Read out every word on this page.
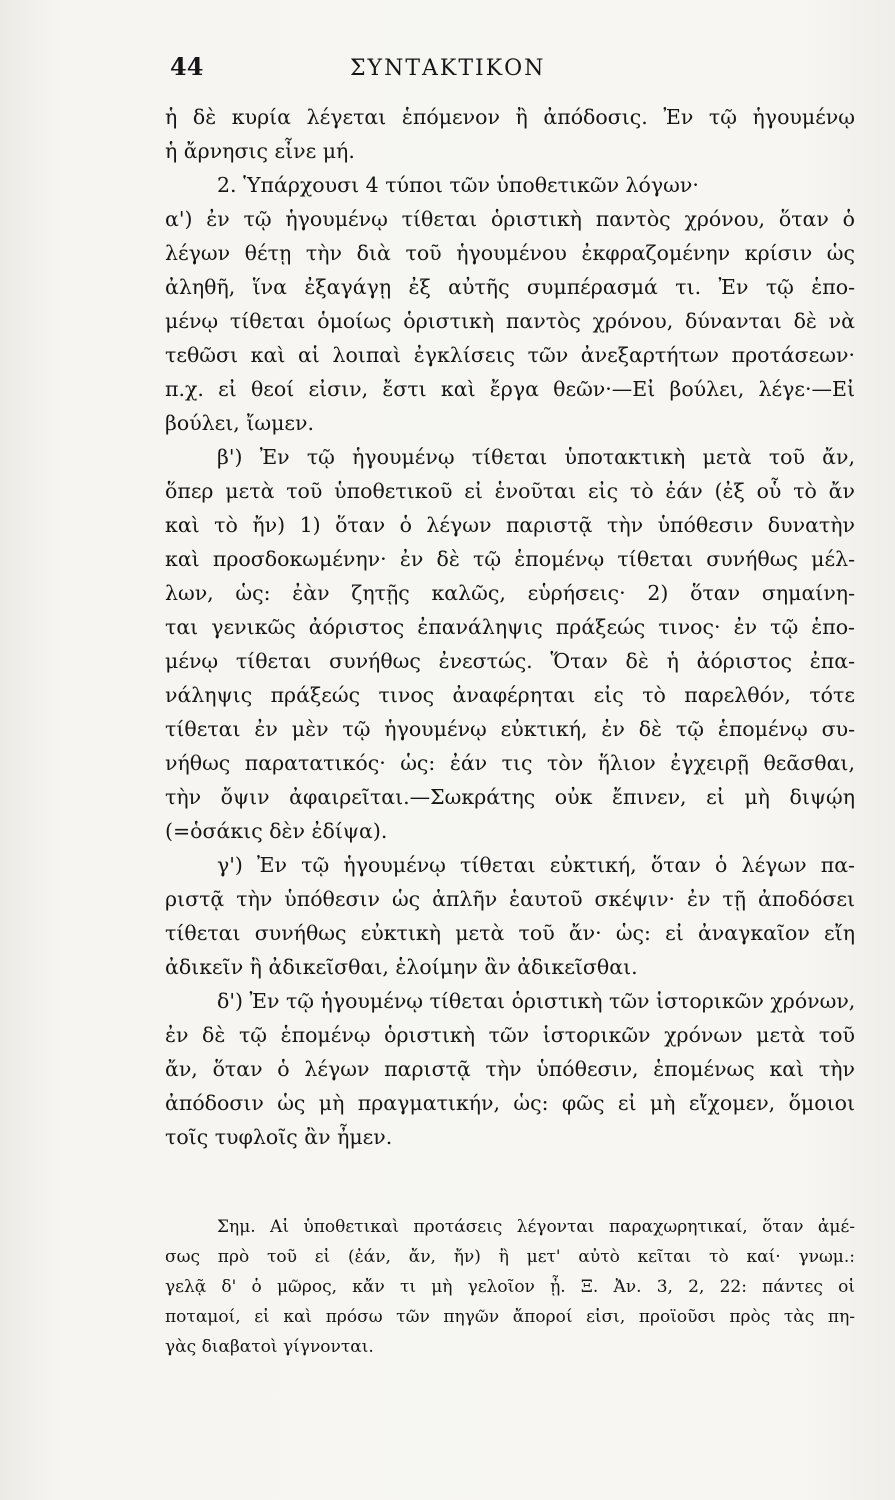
44	ΣΥΝΤΑΚΤΙΚΟΝ
ἡ δὲ κυρία λέγεται ἑπόμενον ἢ ἀπόδοσις. Ἐν τῷ ἡγουμένῳ
ἡ ἄρνησις εἶνε μή.
2. Ὑπάρχουσι 4 τύποι τῶν ὑποθετικῶν λόγων·
α') ἐν τῷ ἡγουμένῳ τίθεται ὁριστικὴ παντὸς χρόνου, ὅταν ὁ
λέγων θέτῃ τὴν διὰ τοῦ ἡγουμένου ἐκφραζομένην κρίσιν ὡς
ἀληθῆ, ἵνα ἐξαγάγῃ ἐξ αὐτῆς συμπέρασμά τι. Ἐν τῷ ἑπο-
μένῳ τίθεται ὁμοίως ὁριστικὴ παντὸς χρόνου, δύνανται δὲ νὰ
τεθῶσι καὶ αἱ λοιπαὶ ἐγκλίσεις τῶν ἀνεξαρτήτων προτάσεων·
π.χ. εἰ θεοί εἰσιν, ἔστι καὶ ἔργα θεῶν·—Εἰ βούλει, λέγε·—Εἰ
βούλει, ἴωμεν.
β') Ἐν τῷ ἡγουμένῳ τίθεται ὑποτακτικὴ μετὰ τοῦ ἄν,
ὅπερ μετὰ τοῦ ὑποθετικοῦ εἰ ἑνοῦται εἰς τὸ ἐάν (ἐξ οὗ τὸ ἄν
καὶ τὸ ἤν) 1) ὅταν ὁ λέγων παριστᾷ τὴν ὑπόθεσιν δυνατὴν
καὶ προσδοκωμένην· ἐν δὲ τῷ ἑπομένῳ τίθεται συνήθως μέλ-
λων, ὡς: ἐὰν ζητῇς καλῶς, εὑρήσεις· 2) ὅταν σημαίνη-
ται γενικῶς ἀόριστος ἐπανάληψις πράξεώς τινος· ἐν τῷ ἑπο-
μένῳ τίθεται συνήθως ἐνεστώς. Ὅταν δὲ ἡ ἀόριστος ἐπα-
νάληψις πράξεώς τινος ἀναφέρηται εἰς τὸ παρελθόν, τότε
τίθεται ἐν μὲν τῷ ἡγουμένῳ εὐκτική, ἐν δὲ τῷ ἑπομένῳ συ-
νήθως παρατατικός· ὡς: ἐάν τις τὸν ἥλιον ἐγχειρῇ θεᾶσθαι,
τὴν ὄψιν ἀφαιρεῖται.—Σωκράτης οὐκ ἔπινεν, εἰ μὴ διψῴη
(=ὁσάκις δὲν ἐδίψα).
γ') Ἐν τῷ ἡγουμένῳ τίθεται εὐκτική, ὅταν ὁ λέγων πα-
ριστᾷ τὴν ὑπόθεσιν ὡς ἁπλῆν ἑαυτοῦ σκέψιν· ἐν τῇ ἀποδόσει
τίθεται συνήθως εὐκτικὴ μετὰ τοῦ ἄν· ὡς: εἰ ἀναγκαῖον εἴη
ἀδικεῖν ἢ ἀδικεῖσθαι, ἑλοίμην ἂν ἀδικεῖσθαι.
δ') Ἐν τῷ ἡγουμένῳ τίθεται ὁριστικὴ τῶν ἱστορικῶν χρόνων,
ἐν δὲ τῷ ἑπομένῳ ὁριστικὴ τῶν ἱστορικῶν χρόνων μετὰ τοῦ
ἄν, ὅταν ὁ λέγων παριστᾷ τὴν ὑπόθεσιν, ἑπομένως καὶ τὴν
ἀπόδοσιν ὡς μὴ πραγματικήν, ὡς: φῶς εἰ μὴ εἴχομεν, ὅμοιοι
τοῖς τυφλοῖς ἂν ἦμεν.
Σημ. Αἱ ὑποθετικαὶ προτάσεις λέγονται παραχωρητικαί, ὅταν ἀμέ-
σως πρὸ τοῦ εἰ (ἐάν, ἄν, ἤν) ἢ μετ' αὐτὸ κεῖται τὸ καί· γνωμ.:
γελᾷ δ' ὁ μῶρος, κἄν τι μὴ γελοῖον ᾖ. Ξ. Ἀν. 3, 2, 22: πάντες οἱ
ποταμοί, εἰ καὶ πρόσω τῶν πηγῶν ἄποροί εἰσι, προϊοῦσι πρὸς τὰς πη-
γὰς διαβατοὶ γίγνονται.
